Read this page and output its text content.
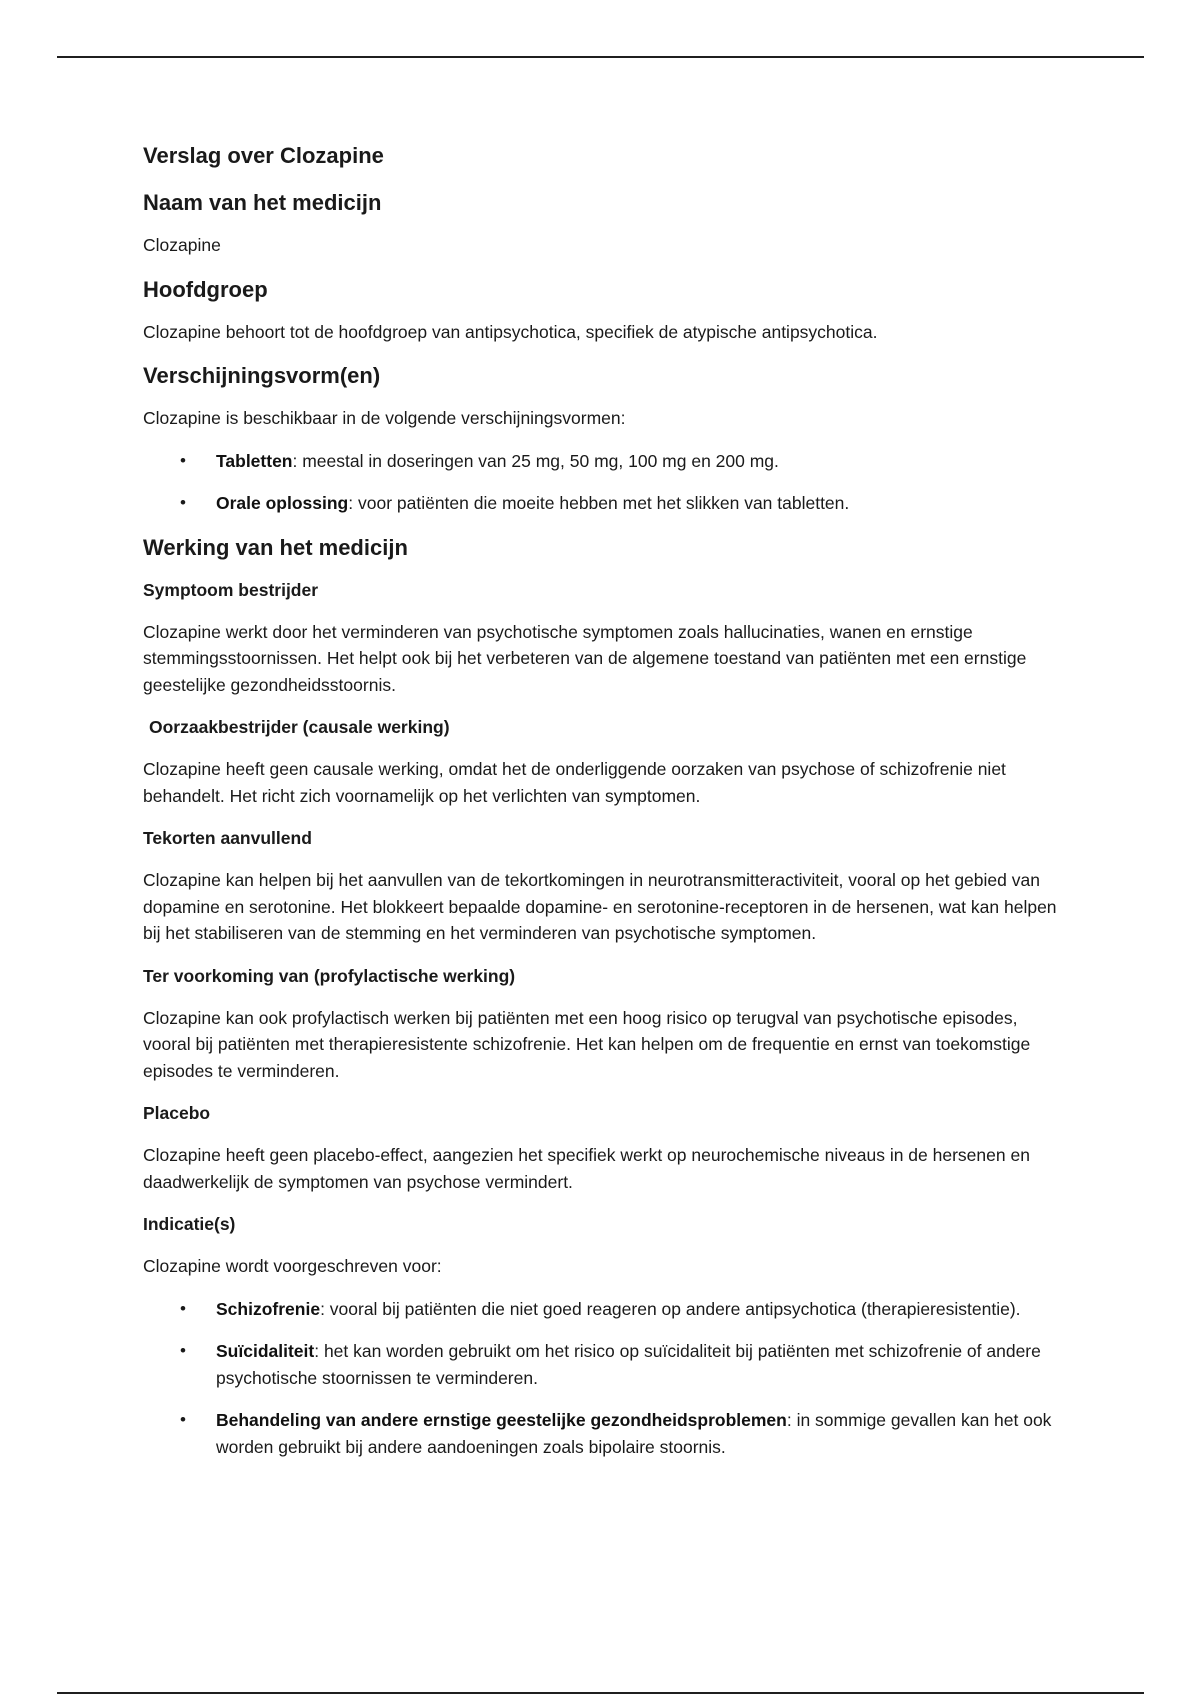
Verslag over Clozapine
Naam van het medicijn

Clozapine

Hoofdgroep

Clozapine behoort tot de hoofdgroep van antipsychotica, specifiek de atypische antipsychotica.

Verschijningsvorm(en)

Clozapine is beschikbaar in de volgende verschijningsvormen:

• Tabletten: meestal in doseringen van 25 mg, 50 mg, 100 mg en 200 mg.
• Orale oplossing: voor patiënten die moeite hebben met het slikken van tabletten.
Werking van het medicijn
Symptoom bestrijder

Clozapine werkt door het verminderen van psychotische symptomen zoals hallucinaties, wanen en ernstige stemmingsstoornissen. Het helpt ook bij het verbeteren van de algemene toestand van patiënten met een ernstige geestelijke gezondheidsstoornis.

Oorzaakbestrijder (causale werking)

Clozapine heeft geen causale werking, omdat het de onderliggende oorzaken van psychose of schizofrenie niet behandelt. Het richt zich voornamelijk op het verlichten van symptomen.

Tekorten aanvullend

Clozapine kan helpen bij het aanvullen van de tekortkomingen in neurotransmitteractiviteit, vooral op het gebied van dopamine en serotonine. Het blokkeert bepaalde dopamine- en serotonine-receptoren in de hersenen, wat kan helpen bij het stabiliseren van de stemming en het verminderen van psychotische symptomen.

Ter voorkoming van (profylactische werking)

Clozapine kan ook profylactisch werken bij patiënten met een hoog risico op terugval van psychotische episodes, vooral bij patiënten met therapieresistente schizofrenie. Het kan helpen om de frequentie en ernst van toekomstige episodes te verminderen.

Placebo

Clozapine heeft geen placebo-effect, aangezien het specifiek werkt op neurochemische niveaus in de hersenen en daadwerkelijk de symptomen van psychose vermindert.

Indicatie(s)

Clozapine wordt voorgeschreven voor:

• Schizofrenie: vooral bij patiënten die niet goed reageren op andere antipsychotica (therapieresistentie).
• Suïcidaliteit: het kan worden gebruikt om het risico op suïcidaliteit bij patiënten met schizofrenie of andere psychotische stoornissen te verminderen.
• Behandeling van andere ernstige geestelijke gezondheidsproblemen: in sommige gevallen kan het ook worden gebruikt bij andere aandoeningen zoals bipolaire stoornis.
